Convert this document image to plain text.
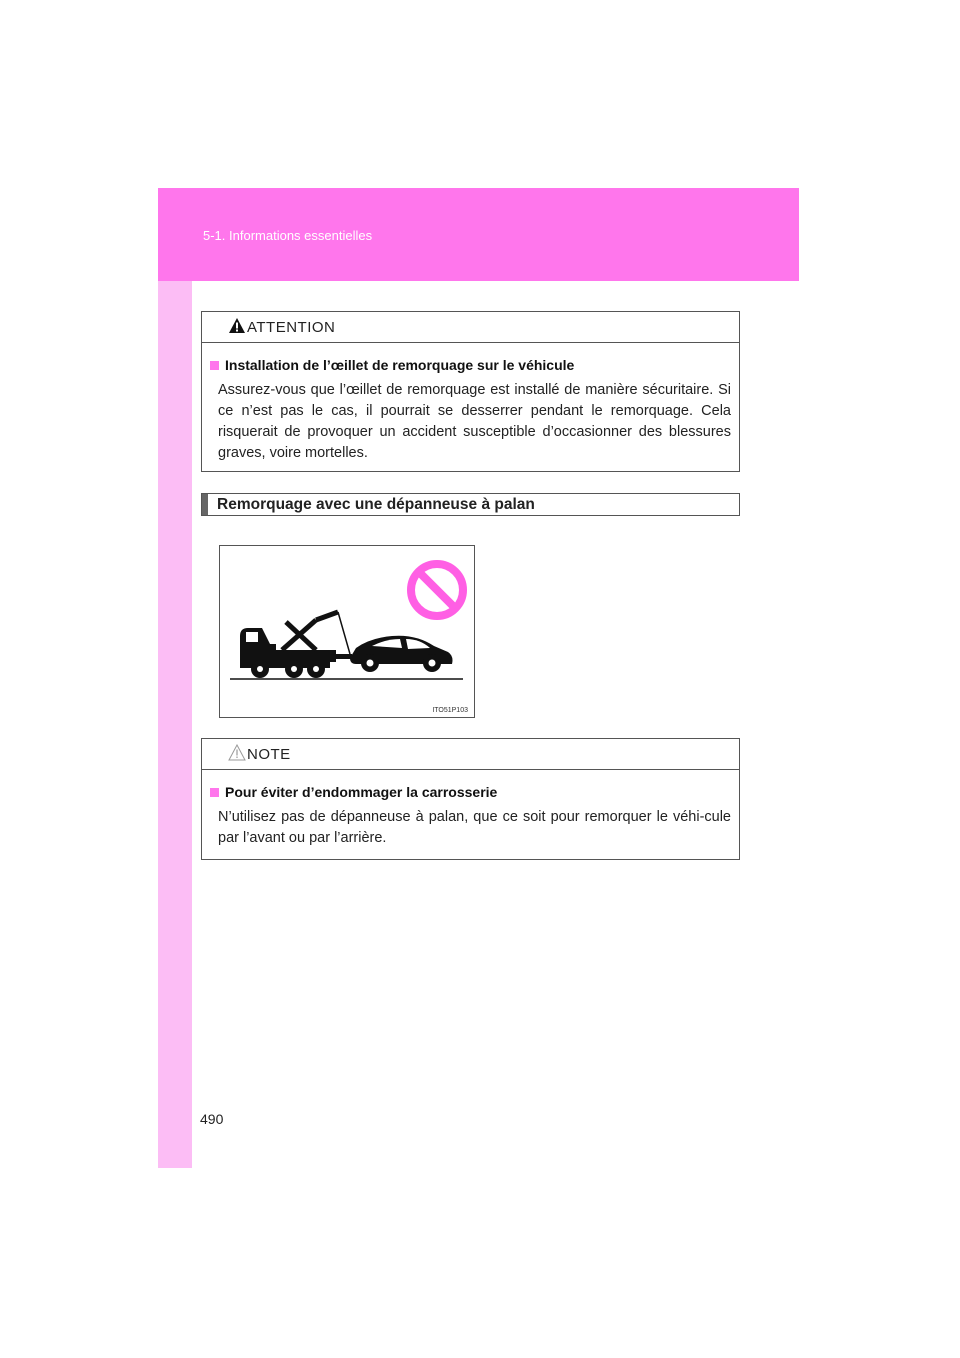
5-1. Informations essentielles
ATTENTION
Installation de l’œillet de remorquage sur le véhicule
Assurez-vous que l’œillet de remorquage est installé de manière sécuritaire. Si ce n’est pas le cas, il pourrait se desserrer pendant le remorquage. Cela risquerait de provoquer un accident susceptible d’occasionner des blessures graves, voire mortelles.
Remorquage avec une dépanneuse à palan
ITO51P103
NOTE
Pour éviter d’endommager la carrosserie
N’utilisez pas de dépanneuse à palan, que ce soit pour remorquer le véhi-cule par l’avant ou par l’arrière.
490
